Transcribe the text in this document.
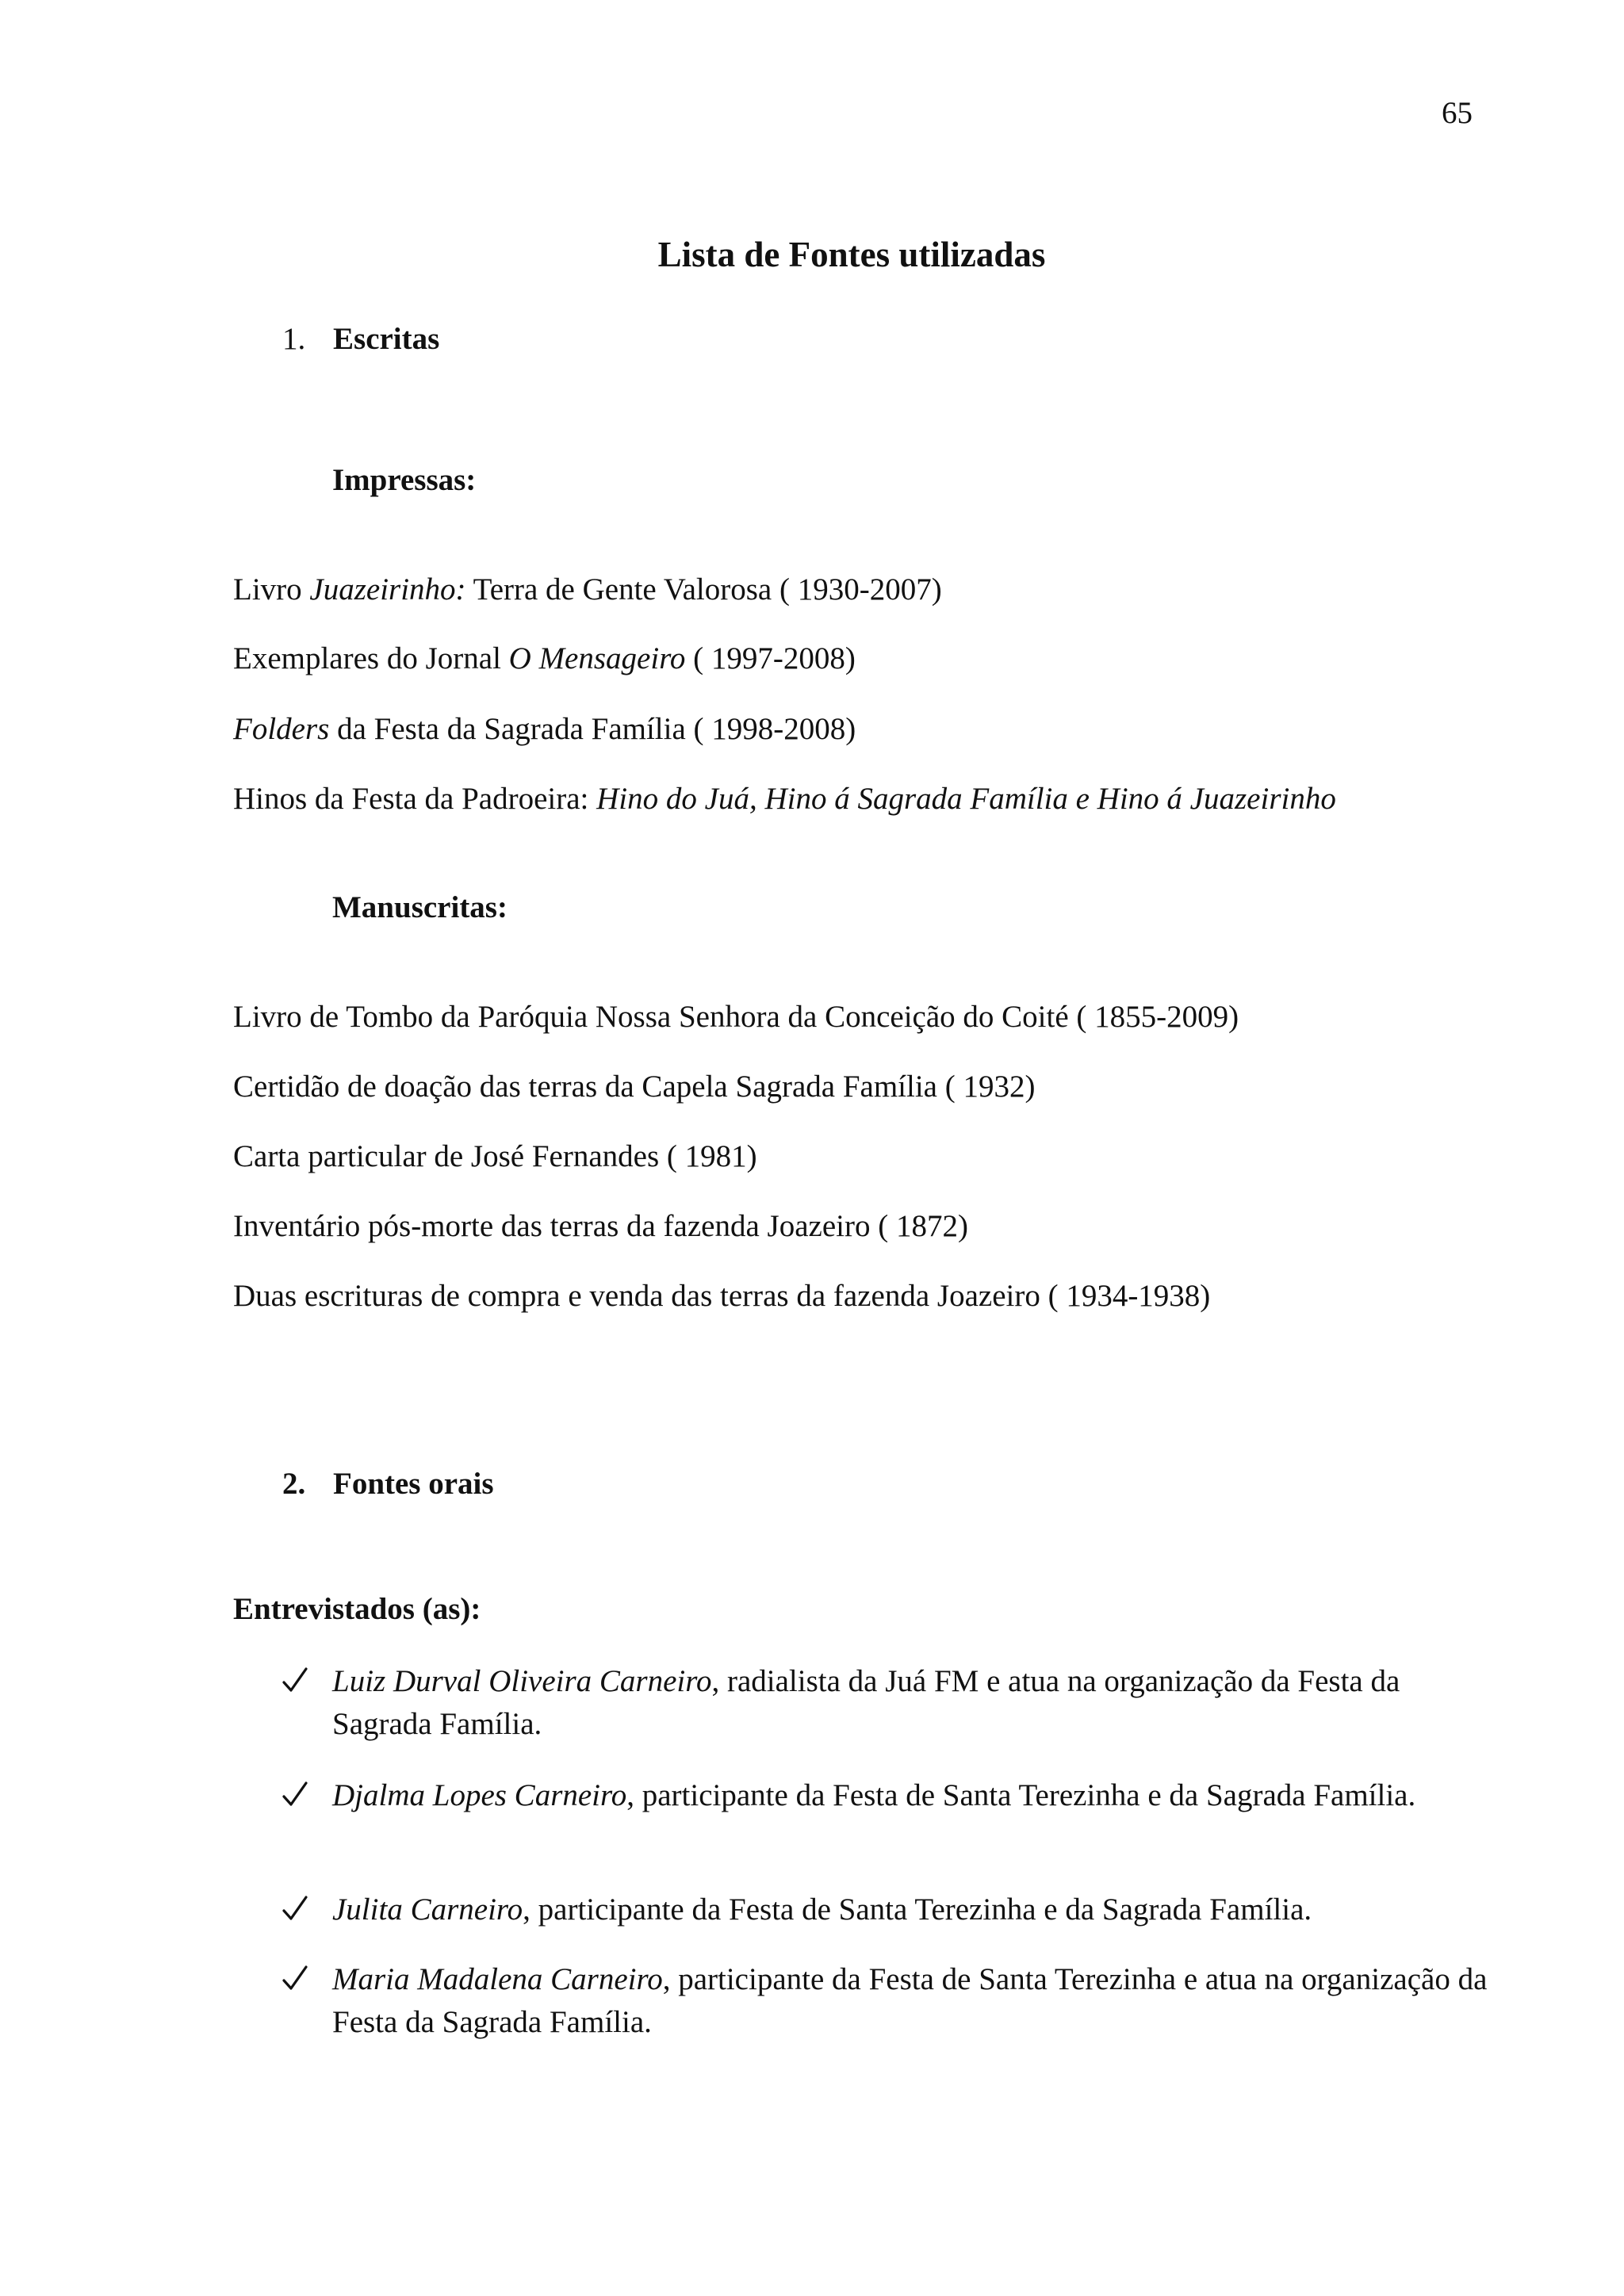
65
Lista de Fontes utilizadas
1. Escritas
Impressas:
Livro Juazeirinho: Terra de Gente Valorosa ( 1930-2007)
Exemplares do Jornal O Mensageiro ( 1997-2008)
Folders da Festa da Sagrada Família ( 1998-2008)
Hinos da Festa da Padroeira: Hino do Juá, Hino á Sagrada Família e Hino á Juazeirinho
Manuscritas:
Livro de Tombo da Paróquia Nossa Senhora da Conceição do Coité ( 1855-2009)
Certidão de doação das terras da Capela Sagrada Família ( 1932)
Carta particular de José Fernandes ( 1981)
Inventário pós-morte das terras da fazenda Joazeiro ( 1872)
Duas escrituras de compra e venda das terras da fazenda Joazeiro ( 1934-1938)
2. Fontes orais
Entrevistados (as):
Luiz Durval Oliveira Carneiro, radialista da Juá FM e atua na organização da Festa da Sagrada Família.
Djalma Lopes Carneiro, participante da Festa de Santa Terezinha e da Sagrada Família.
Julita Carneiro, participante da Festa de Santa Terezinha e da Sagrada Família.
Maria Madalena Carneiro, participante da Festa de Santa Terezinha e atua na organização da Festa da Sagrada Família.
